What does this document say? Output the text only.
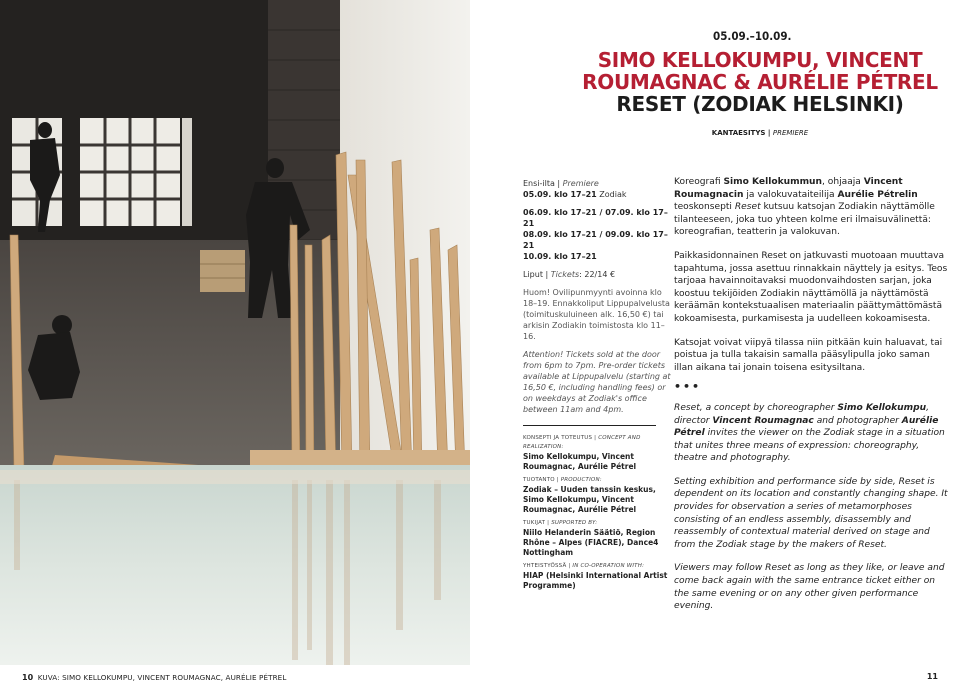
10 KUVA: SIMO KELLOKUMPU, VINCENT ROUMAGNAC, AURÉLIE PÉTREL	11
05.09.–10.09.
SIMO KELLOKUMPU, VINCENT
ROUMAGNAC & AURÉLIE PÉTREL
RESET (ZODIAK HELSINKI)
KANTAESITYS | PREMIERE
Ensi-ilta | Premiere
05.09. klo 17–21 Zodiak
06.09. klo 17–21 / 07.09. klo 17–21
08.09. klo 17–21 / 09.09. klo 17–21
10.09. klo 17–21
Liput | Tickets: 22/14 €
Huom! Ovilipunmyynti avoinna klo 18–19. Ennakkoliput Lippupalvelusta (toimituskuluineen alk. 16,50 €) tai arkisin Zodiakin toimistosta klo 11–16.
Attention! Tickets sold at the door from 6pm to 7pm. Pre-order tickets available at Lippupalvelu (starting at 16,50 €, including handling fees) or on weekdays at Zodiak's office between 11am and 4pm.
KONSEPTI JA TOTEUTUS | CONCEPT AND REALIZATION:
Simo Kellokumpu, Vincent Roumagnac, Aurélie Pétrel
TUOTANTO | PRODUCTION:
Zodiak – Uuden tanssin keskus, Simo Kellokumpu, Vincent Roumagnac, Aurélie Pétrel
TUKIJAT | SUPPORTED BY:
Niilo Helanderin Säätiö, Region Rhône – Alpes (FIACRE), Dance4 Nottingham
YHTEISTYÖSSÄ | IN CO-OPERATION WITH:
HIAP (Helsinki International Artist Programme)

Koreografi Simo Kellokummun, ohjaaja Vincent Roumagnacin ja valokuvataiteilija Aurélie Pétrelin teoskonsepti Reset kutsuu katsojan Zodiakin näyttämölle tilanteeseen, joka tuo yhteen kolme eri ilmaisuvälinettä: koreografian, teatterin ja valokuvan.

Paikkasidonnainen Reset on jatkuvasti muotoaan muuttava tapahtuma, jossa asettuu rinnakkain näyttely ja esitys. Teos tarjoaa havainnoitavaksi muodonvaihdosten sarjan, joka koostuu tekijöiden Zodiakin näyttämöllä ja näyttämöstä keräämän kontekstuaalisen materiaalin päättymättömästä kokoamisesta, purkamisesta ja uudelleen kokoamisesta.

Katsojat voivat viipyä tilassa niin pitkään kuin haluavat, tai poistua ja tulla takaisin samalla pääsylipulla joko saman illan aikana tai jonain toisena esitysiltana.

•••

Reset, a concept by choreographer Simo Kellokumpu, director Vincent Roumagnac and photographer Aurélie Pétrel invites the viewer on the Zodiak stage in a situation that unites three means of expression: choreography, theatre and photography.

Setting exhibition and performance side by side, Reset is dependent on its location and constantly changing shape. It provides for observation a series of metamorphoses consisting of an endless assembly, disassembly and reassembly of contextual material derived on stage and from the Zodiak stage by the makers of Reset.

Viewers may follow Reset as long as they like, or leave and come back again with the same entrance ticket either on the same evening or on any other given performance evening.
